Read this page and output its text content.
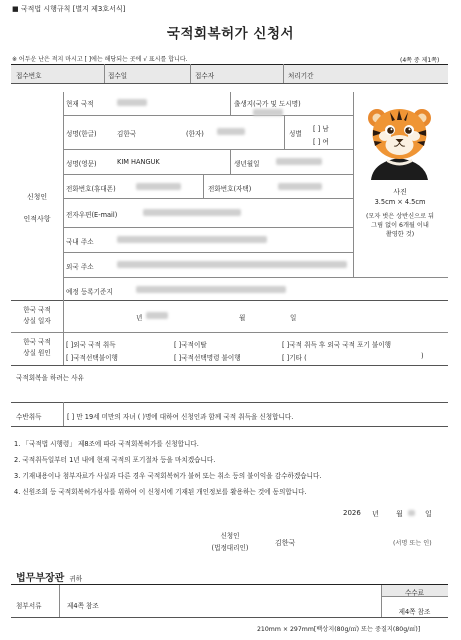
■ 국적법 시행규칙 [별지 제3호서식]
국적회복허가 신청서
※ 어두운 난은 적지 마시고 [ ]에는 해당되는 곳에 √ 표시를 합니다.	(4쪽 중 제1쪽)
접수번호	접수일	접수자	처리기간
신청인
인적사항
현재 국적	출생지(국가 및 도시명)
성명(한글)	김한국	(한자)	성별
[ ] 남
[ ] 여
성명(영문)	KIM HANGUK	생년월일
전화번호(휴대폰)	전화번호(자택)
전자우편(E-mail)
국내 주소
외국 주소
예정 등록기준지
사진
3.5cm × 4.5cm
(모자 벗은 상반신으로 뒤
그림 없이 6개월 이내
촬영한 것)
한국 국적
상실 일자	년	월	일
한국 국적
상실 원인
[ ]외국 국적 취득	[ ]국적이탈	[ ]국적 취득 후 외국 국적 포기 불이행
[ ]국적선택불이행	[ ]국적선택명령 불이행	[ ]기타 (	)
국적회복을 하려는 사유
수반취득	[ ] 만 19세 미만의 자녀 ( )명에 대하여 신청인과 함께 국적 취득을 신청합니다.
1. 「국적법 시행령」 제8조에 따라 국적회복허가를 신청합니다.
2. 국적취득일부터 1년 내에 현재 국적의 포기절차 등을 마치겠습니다.
3. 기재내용이나 첨부자료가 사실과 다른 경우 국적회복허가 불허 또는 취소 등의 불이익을 감수하겠습니다.
4. 신원조회 등 국적회복허가심사를 위하여 이 신청서에 기재된 개인정보를 활용하는 것에 동의합니다.
2026 년 월	일
신청인
(법정대리인)
김한국	(서명 또는 인)
법무부장관 귀하
첨부서류	제4쪽 참조
수수료
제4쪽 참조
210mm × 297mm[백상지(80g/㎡) 또는 중질지(80g/㎡)]
